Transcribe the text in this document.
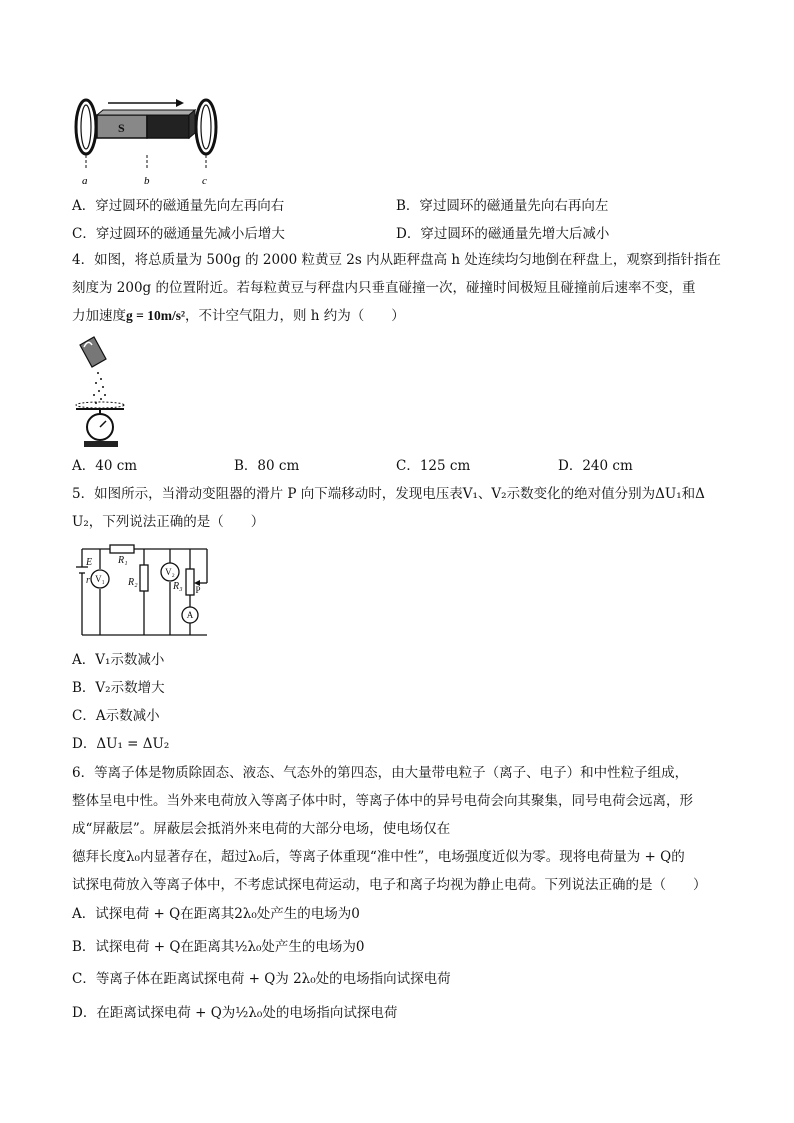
S
a	b	c
A．穿过圆环的磁通量先向左再向右	B．穿过圆环的磁通量先向右再向左
C．穿过圆环的磁通量先减小后增大	D．穿过圆环的磁通量先增大后减小
4．如图，将总质量为 500g 的 2000 粒黄豆 2s 内从距秤盘高 h 处连续均匀地倒在秤盘上，观察到指针指在
刻度为 200g 的位置附近。若每粒黄豆与秤盘内只垂直碰撞一次，碰撞时间极短且碰撞前后速率不变，重
力加速度g = 10m/s²，不计空气阻力，则 h 约为（　　）
A．40 cm	B．80 cm	C．125 cm	D．240 cm
5．如图所示，当滑动变阻器的滑片 P 向下端移动时，发现电压表V₁、V₂示数变化的绝对值分别为ΔU₁和Δ
U₂，下列说法正确的是（　　）
E
r
R₁
R₂	R₃
V₁
V₂
P
A
A．V₁示数减小
B．V₂示数增大
C．A示数减小
D．ΔU₁ = ΔU₂
6．等离子体是物质除固态、液态、气态外的第四态，由大量带电粒子（离子、电子）和中性粒子组成，
整体呈电中性。当外来电荷放入等离子体中时，等离子体中的异号电荷会向其聚集，同号电荷会远离，形
成“屏蔽层”。屏蔽层会抵消外来电荷的大部分电场，使电场仅在
德拜长度λ₀内显著存在，超过λ₀后，等离子体重现“准中性”，电场强度近似为零。现将电荷量为 + Q的
试探电荷放入等离子体中，不考虑试探电荷运动，电子和离子均视为静止电荷。下列说法正确的是（　　）
A．试探电荷 + Q在距离其2λ₀处产生的电场为0
B．试探电荷 + Q在距离其½λ₀处产生的电场为0
C．等离子体在距离试探电荷 + Q为 2λ₀处的电场指向试探电荷
D．在距离试探电荷 + Q为½λ₀处的电场指向试探电荷
